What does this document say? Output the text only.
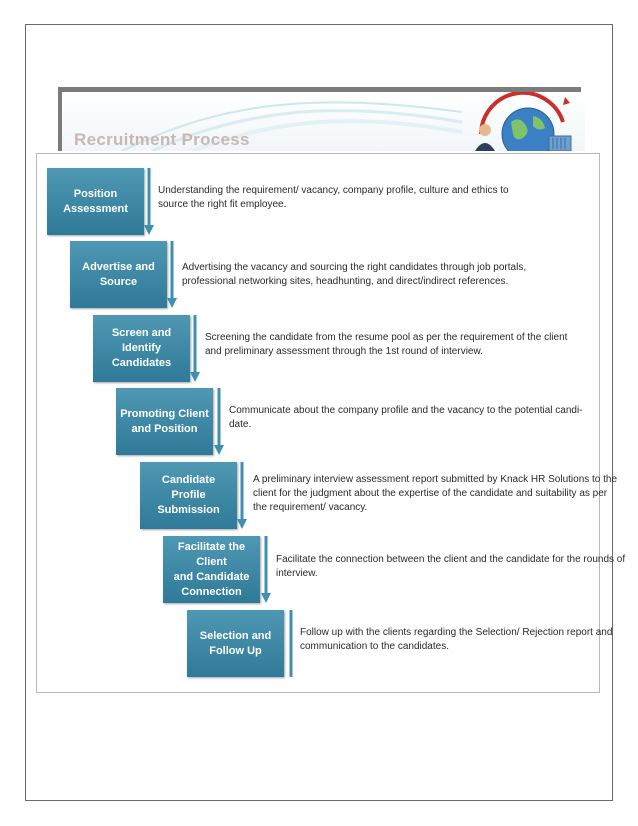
Recruitment Process
Position
Assessment
Understanding the requirement/ vacancy, company profile, culture and ethics to
source the right fit employee.
Advertise and
Source
Advertising the vacancy and sourcing the right candidates through job portals,
professional networking sites, headhunting, and direct/indirect references.
Screen and Identify
Candidates
Screening the candidate from the resume pool as per the requirement of the client
and preliminary assessment through the 1st round of interview.
Promoting Client
and Position
Communicate about the company profile and the vacancy to the potential candi-
date.
Candidate Profile
Submission
A preliminary interview assessment report submitted by Knack HR Solutions to the
client for the judgment about the expertise of the candidate and suitability as per
the requirement/ vacancy.
Facilitate the Client
and Candidate
Connection
Facilitate the connection between the client and the candidate for the rounds of
interview.
Selection and
Follow Up
Follow up with the clients regarding the Selection/ Rejection report and
communication to the candidates.
